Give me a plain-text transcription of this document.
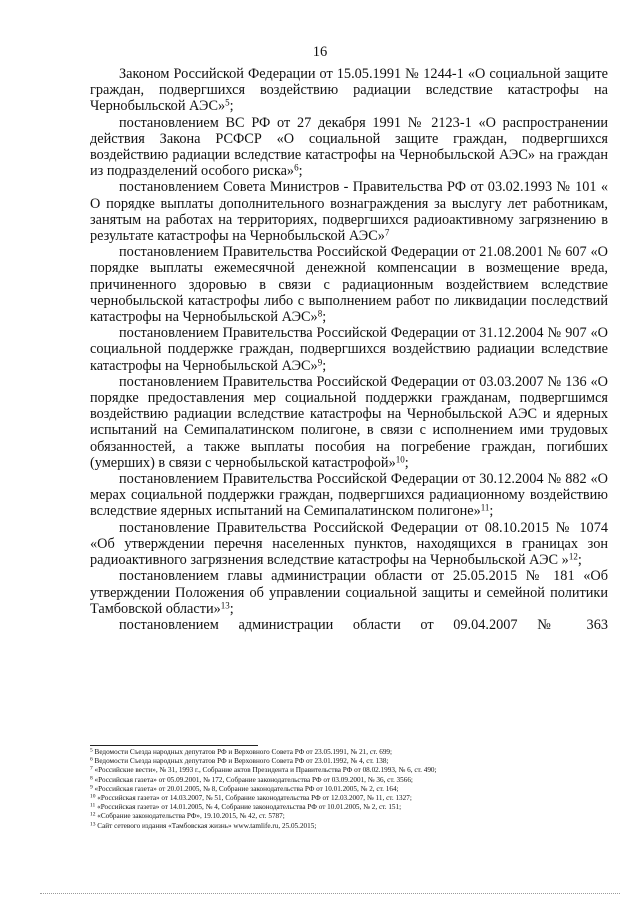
16

Законом Российской Федерации от 15.05.1991 № 1244-1 «О социальной защите граждан, подвергшихся воздействию радиации вследствие катастрофы на Чернобыльской АЭС»$^5$;

постановлением ВС РФ от 27 декабря 1991 № 2123-1 «О распространении действия Закона РСФСР «О социальной защите граждан, подвергшихся воздействию радиации вследствие катастрофы на Чернобыльской АЭС» на граждан из подразделений особого риска»$^6$;

постановлением Совета Министров - Правительства РФ от 03.02.1993 № 101 « О порядке выплаты дополнительного вознаграждения за выслугу лет работникам, занятым на работах на территориях, подвергшихся радиоактивному загрязнению в результате катастрофы на Чернобыльской АЭС»$^7$

постановлением Правительства Российской Федерации от 21.08.2001 № 607 «О порядке выплаты ежемесячной денежной компенсации в возмещение вреда, причиненного здоровью в связи с радиационным воздействием вследствие чернобыльской катастрофы либо с выполнением работ по ликвидации последствий катастрофы на Чернобыльской АЭС»$^8$;

постановлением Правительства Российской Федерации от 31.12.2004 № 907 «О социальной поддержке граждан, подвергшихся воздействию радиации вследствие катастрофы на Чернобыльской АЭС»$^9$;

постановлением Правительства Российской Федерации от 03.03.2007 № 136 «О порядке предоставления мер социальной поддержки гражданам, подвергшимся воздействию радиации вследствие катастрофы на Чернобыльской АЭС и ядерных испытаний на Семипалатинском полигоне, в связи с исполнением ими трудовых обязанностей, а также выплаты пособия на погребение граждан, погибших (умерших) в связи с чернобыльской катастрофой»$^{10}$;

постановлением Правительства Российской Федерации от 30.12.2004 № 882 «О мерах социальной поддержки граждан, подвергшихся радиационному воздействию вследствие ядерных испытаний на Семипалатинском полигоне»$^{11}$;

постановление Правительства Российской Федерации от 08.10.2015 № 1074 «Об утверждении перечня населенных пунктов, находящихся в границах зон радиоактивного загрязнения вследствие катастрофы на Чернобыльской АЭС »$^{12}$;

постановлением главы администрации области от 25.05.2015 № 181 «Об утверждении Положения об управлении социальной защиты и семейной политики Тамбовской области»$^{13}$;

постановлением администрации области от 09.04.2007 № 363

$^5$ Ведомости Съезда народных депутатов РФ и Верховного Совета РФ от 23.05.1991, № 21, ст. 699;

$^6$ Ведомости Съезда народных депутатов РФ и Верховного Совета РФ от 23.01.1992, № 4, ст. 138;

$^7$ «Российские вести», № 31, 1993 г., Собрание актов Президента и Правительства РФ от 08.02.1993, № 6, ст. 490;

$^8$ «Российская газета» от 05.09.2001, № 172, Собрание законодательства РФ от 03.09.2001, № 36, ст. 3566;

$^9$ «Российская газета» от 20.01.2005, № 8, Собрание законодательства РФ от 10.01.2005, № 2, ст. 164;

$^{10}$ «Российская газета» от 14.03.2007, № 51, Собрание законодательства РФ от 12.03.2007, № 11, ст. 1327;

$^{11}$ «Российская газета» от 14.01.2005, № 4, Собрание законодательства РФ от 10.01.2005, № 2, ст. 151;

$^{12}$ «Собрание законодательства РФ», 19.10.2015, № 42, ст. 5787;

$^{13}$ Сайт сетевого издания «Тамбовская жизнь» www.tamlife.ru, 25.05.2015;
